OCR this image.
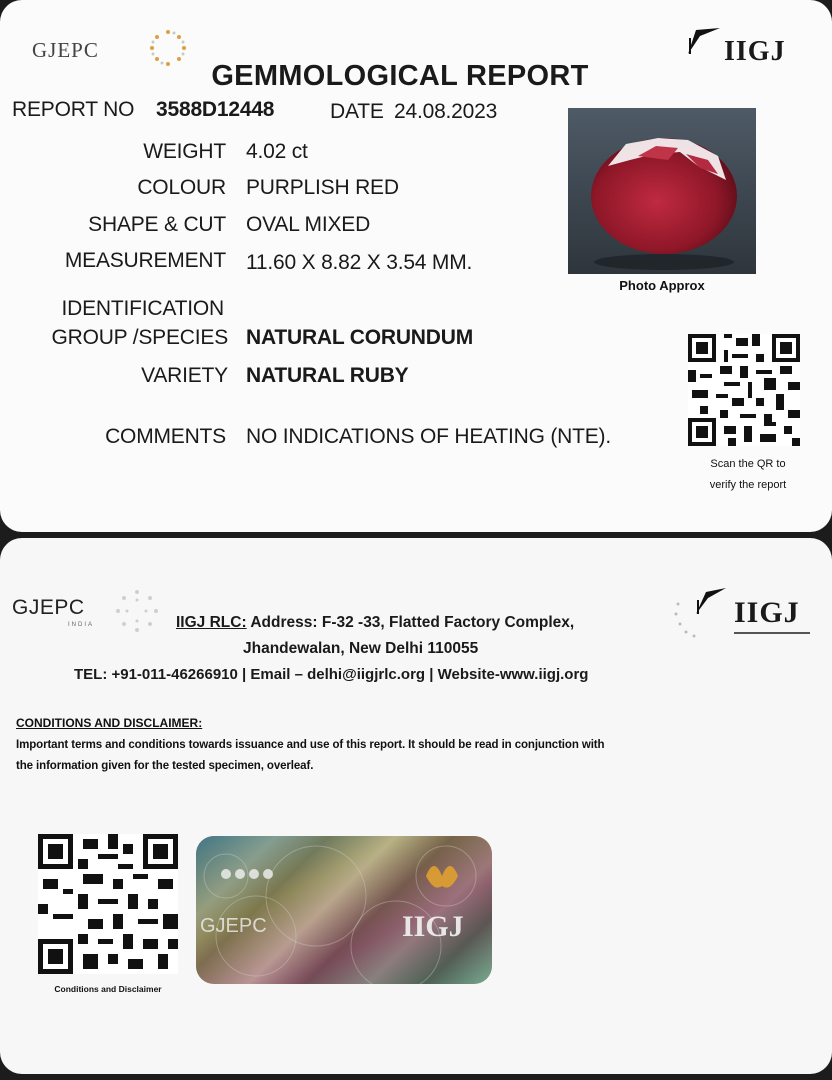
GJEPC	IIGJ
GEMMOLOGICAL REPORT
REPORT NO 3588D12448	DATE 24.08.2023
WEIGHT 4.02 ct
COLOUR PURPLISH RED
SHAPE & CUT OVAL MIXED
MEASUREMENT 11.60 X 8.82 X 3.54 MM.
IDENTIFICATION
GROUP /SPECIES NATURAL CORUNDUM
VARIETY NATURAL RUBY
COMMENTS NO INDICATIONS OF HEATING (NTE).
Photo Approx
Scan the QR to
verify the report
GJEPC
INDIA	IIGJ
IIGJ RLC: Address: F-32 -33, Flatted Factory Complex,
Jhandewalan, New Delhi 110055
TEL: +91-011-46266910 | Email – delhi@iigjrlc.org | Website-www.iigj.org
CONDITIONS AND DISCLAIMER:
Important terms and conditions towards issuance and use of this report. It should be read in conjunction with
the information given for the tested specimen, overleaf.
Conditions and Disclaimer
GJEPC	IIGJ
